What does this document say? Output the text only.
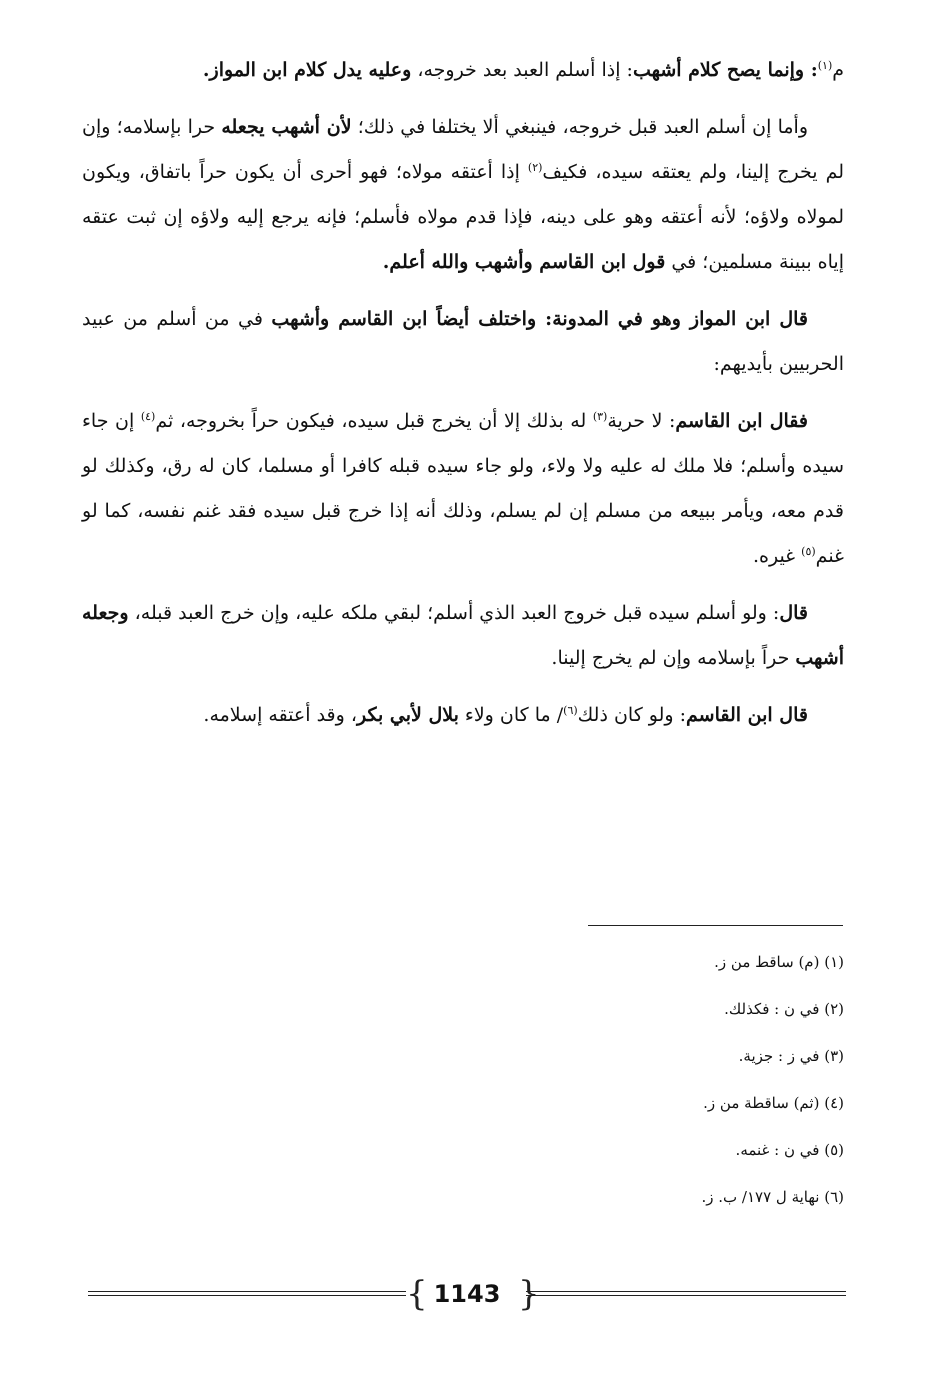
م$^{(١)}$: وإنما يصح كلام أشهب: إذا أسلم العبد بعد خروجه، وعليه يدل كلام ابن المواز.

وأما إن أسلم العبد قبل خروجه، فينبغي ألا يختلفا في ذلك؛ لأن أشهب يجعله حرا بإسلامه؛ وإن لم يخرج إلينا، ولم يعتقه سيده، فكيف$^{(٢)}$ إذا أعتقه مولاه؛ فهو أحرى أن يكون حراً باتفاق، ويكون لمولاه ولاؤه؛ لأنه أعتقه وهو على دينه، فإذا قدم مولاه فأسلم؛ فإنه يرجع إليه ولاؤه إن ثبت عتقه إياه ببينة مسلمين؛ في قول ابن القاسم وأشهب والله أعلم.

قال ابن المواز وهو في المدونة: واختلف أيضاً ابن القاسم وأشهب في من أسلم من عبيد الحربيين بأيديهم:

فقال ابن القاسم: لا حرية$^{(٣)}$ له بذلك إلا أن يخرج قبل سيده، فيكون حراً بخروجه، ثم$^{(٤)}$ إن جاء سيده وأسلم؛ فلا ملك له عليه ولا ولاء، ولو جاء سيده قبله كافرا أو مسلما، كان له رق، وكذلك لو قدم معه، ويأمر ببيعه من مسلم إن لم يسلم، وذلك أنه إذا خرج قبل سيده فقد غنم نفسه، كما لو غنم$^{(٥)}$ غيره.

قال: ولو أسلم سيده قبل خروج العبد الذي أسلم؛ لبقي ملكه عليه، وإن خرج العبد قبله، وجعله أشهب حراً بإسلامه وإن لم يخرج إلينا.

قال ابن القاسم: ولو كان ذلك$^{(٦)}$/ ما كان ولاء بلال لأبي بكر، وقد أعتقه إسلامه.

(١) (م) ساقط من ز.
(٢) في ن : فكذلك.
(٣) في ز : جزية.
(٤) (ثم) ساقطة من ز.
(٥) في ن : غنمه.
(٦) نهاية ل ١٧٧/ ب. ز.
{ 1143 }
